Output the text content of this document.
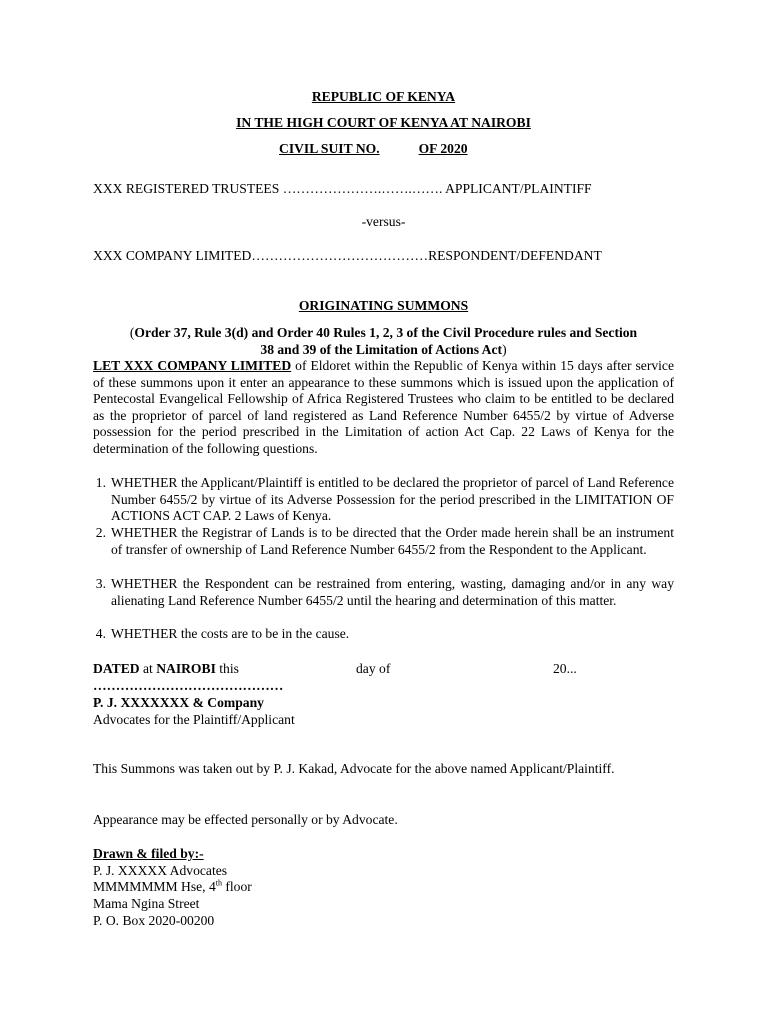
REPUBLIC OF KENYA
IN THE HIGH COURT OF KENYA AT NAIROBI
CIVIL SUIT NO.	OF 2020
XXX REGISTERED TRUSTEES ………………….…….……. APPLICANT/PLAINTIFF
-versus-
XXX COMPANY LIMITED…………………………………RESPONDENT/DEFENDANT
ORIGINATING SUMMONS
(Order 37, Rule 3(d) and Order 40 Rules 1, 2, 3 of the Civil Procedure rules and Section
38 and 39 of the Limitation of Actions Act)
LET XXX COMPANY LIMITED of Eldoret within the Republic of Kenya within 15 days after service of these summons upon it enter an appearance to these summons which is issued upon the application of Pentecostal Evangelical Fellowship of Africa Registered Trustees who claim to be entitled to be declared as the proprietor of parcel of land registered as Land Reference Number 6455/2 by virtue of Adverse possession for the period prescribed in the Limitation of action Act Cap. 22 Laws of Kenya for the determination of the following questions.
1. WHETHER the Applicant/Plaintiff is entitled to be declared the proprietor of parcel of Land Reference Number 6455/2 by virtue of its Adverse Possession for the period prescribed in the LIMITATION OF ACTIONS ACT CAP. 2 Laws of Kenya.
2. WHETHER the Registrar of Lands is to be directed that the Order made herein shall be an instrument of transfer of ownership of Land Reference Number 6455/2 from the Respondent to the Applicant.
3. WHETHER the Respondent can be restrained from entering, wasting, damaging and/or in any way alienating Land Reference Number 6455/2 until the hearing and determination of this matter.
4. WHETHER the costs are to be in the cause.
DATED at NAIROBI this	day of	20...
……………………………………
P. J. XXXXXXX & Company
Advocates for the Plaintiff/Applicant
This Summons was taken out by P. J. Kakad, Advocate for the above named Applicant/Plaintiff.
Appearance may be effected personally or by Advocate.
Drawn & filed by:-
P. J. XXXXX Advocates
MMMMMMM Hse, 4th floor
Mama Ngina Street
P. O. Box 2020-00200
